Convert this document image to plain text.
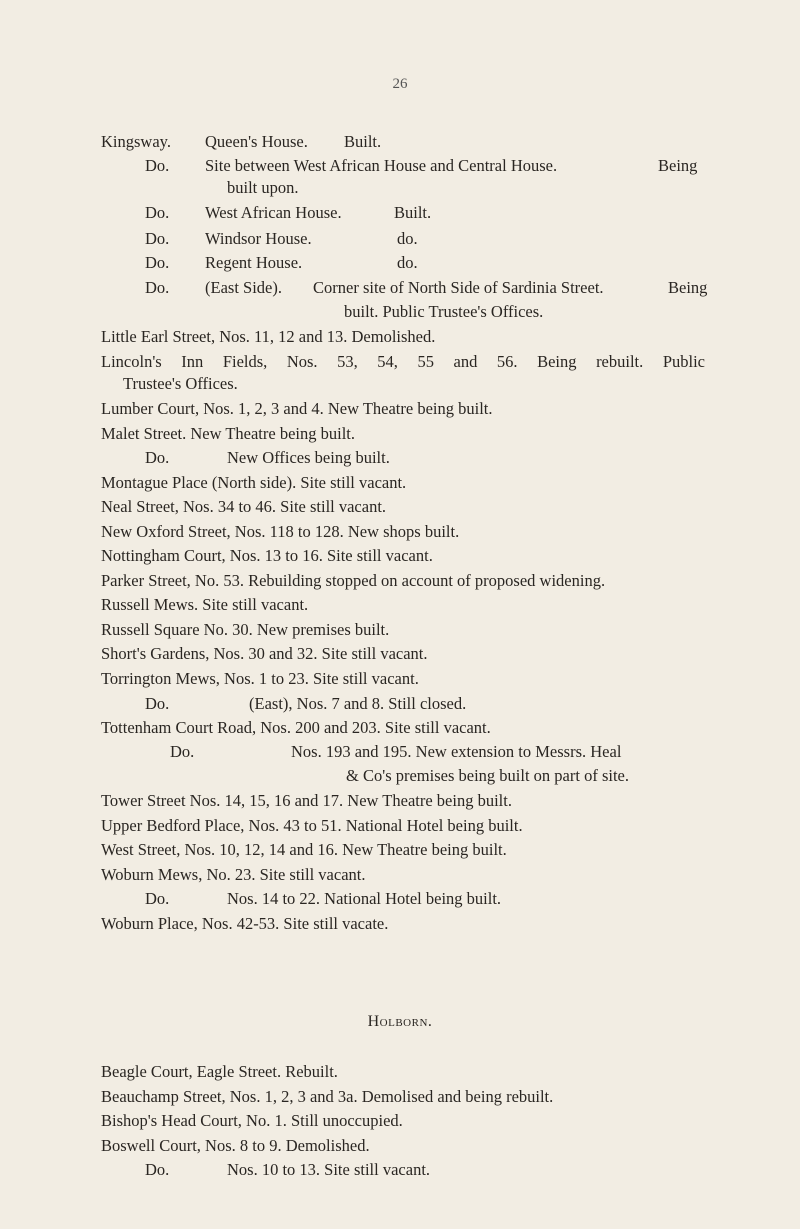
26
Kingsway. Queen's House. Built.
Do. Site between West African House and Central House.	Being
built upon.
Do. West African House.	Built.
Do. Windsor House.	do.
Do. Regent House.	do.
Do. (East Side). Corner site of North Side of Sardinia Street.	Being
built. Public Trustee's Offices.
Little Earl Street, Nos. 11, 12 and 13. Demolished.
Lincoln's Inn Fields, Nos. 53, 54, 55 and 56. Being rebuilt. Public
Trustee's Offices.
Lumber Court, Nos. 1, 2, 3 and 4. New Theatre being built.
Malet Street. New Theatre being built.
Do.	New Offices being built.
Montague Place (North side). Site still vacant.
Neal Street, Nos. 34 to 46. Site still vacant.
New Oxford Street, Nos. 118 to 128. New shops built.
Nottingham Court, Nos. 13 to 16. Site still vacant.
Parker Street, No. 53. Rebuilding stopped on account of proposed widening.
Russell Mews. Site still vacant.
Russell Square No. 30. New premises built.
Short's Gardens, Nos. 30 and 32. Site still vacant.
Torrington Mews, Nos. 1 to 23. Site still vacant.
Do.	(East), Nos. 7 and 8. Still closed.
Tottenham Court Road, Nos. 200 and 203. Site still vacant.
Do.	Nos. 193 and 195. New extension to Messrs. Heal
& Co's premises being built on part of site.
Tower Street Nos. 14, 15, 16 and 17. New Theatre being built.
Upper Bedford Place, Nos. 43 to 51. National Hotel being built.
West Street, Nos. 10, 12, 14 and 16. New Theatre being built.
Woburn Mews, No. 23. Site still vacant.
Do.	Nos. 14 to 22. National Hotel being built.
Woburn Place, Nos. 42-53. Site still vacate.
Holborn.
Beagle Court, Eagle Street. Rebuilt.
Beauchamp Street, Nos. 1, 2, 3 and 3a. Demolised and being rebuilt.
Bishop's Head Court, No. 1. Still unoccupied.
Boswell Court, Nos. 8 to 9. Demolished.
Do.	Nos. 10 to 13. Site still vacant.
